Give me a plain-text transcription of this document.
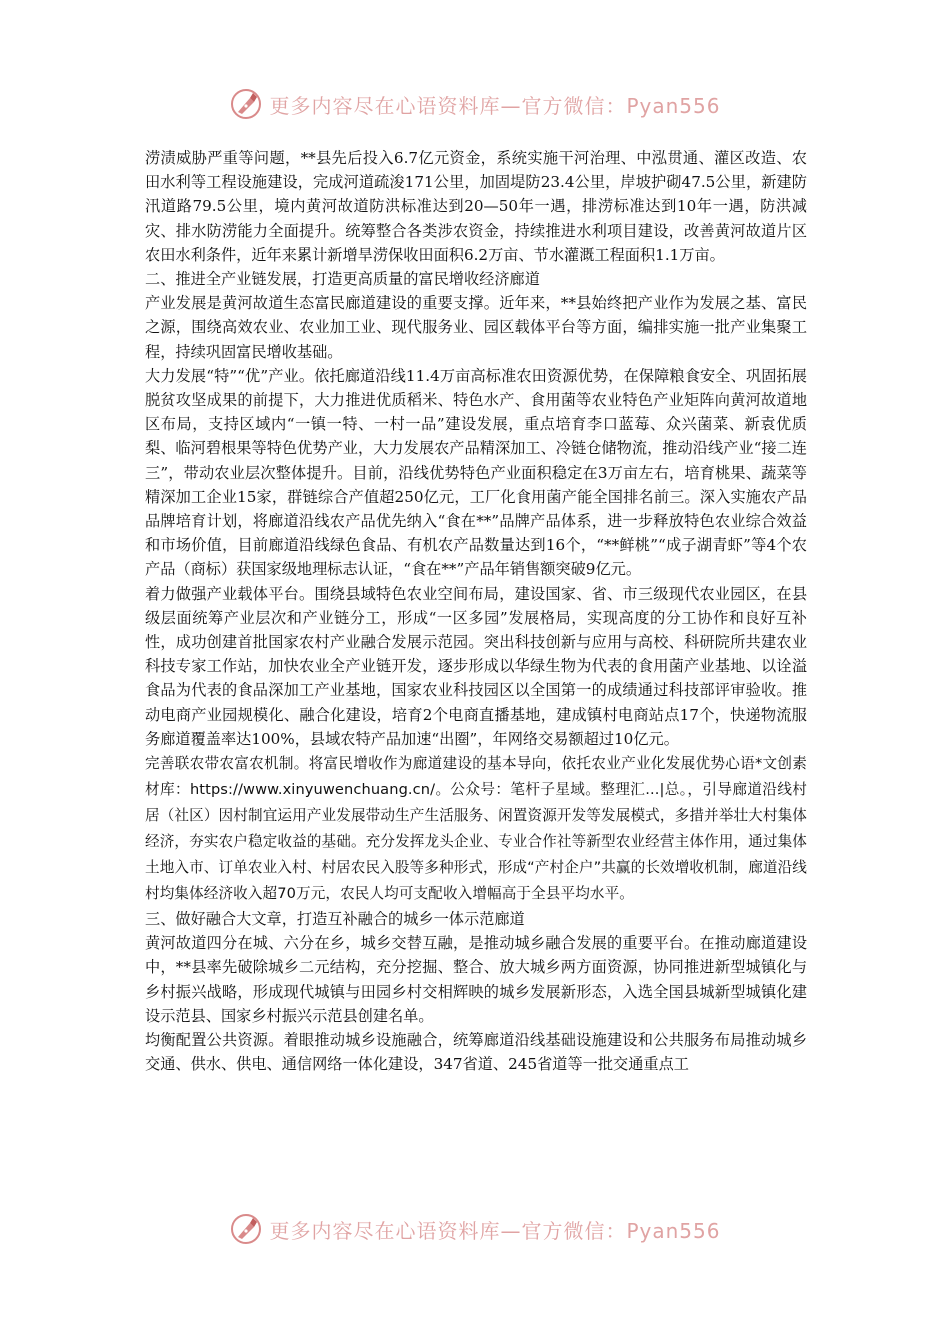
更多内容尽在心语资料库—官方微信：Pyan556

涝渍威胁严重等问题，**县先后投入6.7亿元资金，系统实施干河治理、中泓贯通、灌区改造、农田水利等工程设施建设，完成河道疏浚171公里，加固堤防23.4公里，岸坡护砌47.5公里，新建防汛道路79.5公里，境内黄河故道防洪标准达到20—50年一遇，排涝标准达到10年一遇，防洪减灾、排水防涝能力全面提升。统筹整合各类涉农资金，持续推进水利项目建设，改善黄河故道片区农田水利条件，近年来累计新增旱涝保收田面积6.2万亩、节水灌溉工程面积1.1万亩。

二、推进全产业链发展，打造更高质量的富民增收经济廊道

产业发展是黄河故道生态富民廊道建设的重要支撑。近年来，**县始终把产业作为发展之基、富民之源，围绕高效农业、农业加工业、现代服务业、园区载体平台等方面，编排实施一批产业集聚工程，持续巩固富民增收基础。

大力发展“特”“优”产业。依托廊道沿线11.4万亩高标准农田资源优势，在保障粮食安全、巩固拓展脱贫攻坚成果的前提下，大力推进优质稻米、特色水产、食用菌等农业特色产业矩阵向黄河故道地区布局，支持区域内“一镇一特、一村一品”建设发展，重点培育李口蓝莓、众兴菌菜、新袁优质梨、临河碧根果等特色优势产业，大力发展农产品精深加工、冷链仓储物流，推动沿线产业“接二连三”，带动农业层次整体提升。目前，沿线优势特色产业面积稳定在3万亩左右，培育桃果、蔬菜等精深加工企业15家，群链综合产值超250亿元，工厂化食用菌产能全国排名前三。深入实施农产品品牌培育计划，将廊道沿线农产品优先纳入“食在**”品牌产品体系，进一步释放特色农业综合效益和市场价值，目前廊道沿线绿色食品、有机农产品数量达到16个，“**鲜桃”“成子湖青虾”等4个农产品（商标）获国家级地理标志认证，“食在**”产品年销售额突破9亿元。

着力做强产业载体平台。围绕县域特色农业空间布局，建设国家、省、市三级现代农业园区，在县级层面统筹产业层次和产业链分工，形成“一区多园”发展格局，实现高度的分工协作和良好互补性，成功创建首批国家农村产业融合发展示范园。突出科技创新与应用与高校、科研院所共建农业科技专家工作站，加快农业全产业链开发，逐步形成以华绿生物为代表的食用菌产业基地、以诠溢食品为代表的食品深加工产业基地，国家农业科技园区以全国第一的成绩通过科技部评审验收。推动电商产业园规模化、融合化建设，培育2个电商直播基地，建成镇村电商站点17个，快递物流服务廊道覆盖率达100%，县域农特产品加速“出圈”，年网络交易额超过10亿元。

完善联农带农富农机制。将富民增收作为廊道建设的基本导向，依托农业产业化发展优势心语*文创素材库：https://www.xinyuwenchuang.cn/。公众号：笔杆子星域。整理汇...|总。，引导廊道沿线村居（社区）因村制宜运用产业发展带动生产生活服务、闲置资源开发等发展模式，多措并举壮大村集体经济，夯实农户稳定收益的基础。充分发挥龙头企业、专业合作社等新型农业经营主体作用，通过集体土地入市、订单农业入村、村居农民入股等多种形式，形成“产村企户”共赢的长效增收机制，廊道沿线村均集体经济收入超70万元，农民人均可支配收入增幅高于全县平均水平。

三、做好融合大文章，打造互补融合的城乡一体示范廊道

黄河故道四分在城、六分在乡，城乡交替互融，是推动城乡融合发展的重要平台。在推动廊道建设中，**县率先破除城乡二元结构，充分挖掘、整合、放大城乡两方面资源，协同推进新型城镇化与乡村振兴战略，形成现代城镇与田园乡村交相辉映的城乡发展新形态，入选全国县城新型城镇化建设示范县、国家乡村振兴示范县创建名单。

均衡配置公共资源。着眼推动城乡设施融合，统筹廊道沿线基础设施建设和公共服务布局推动城乡交通、供水、供电、通信网络一体化建设，347省道、245省道等一批交通重点工

更多内容尽在心语资料库—官方微信：Pyan556
